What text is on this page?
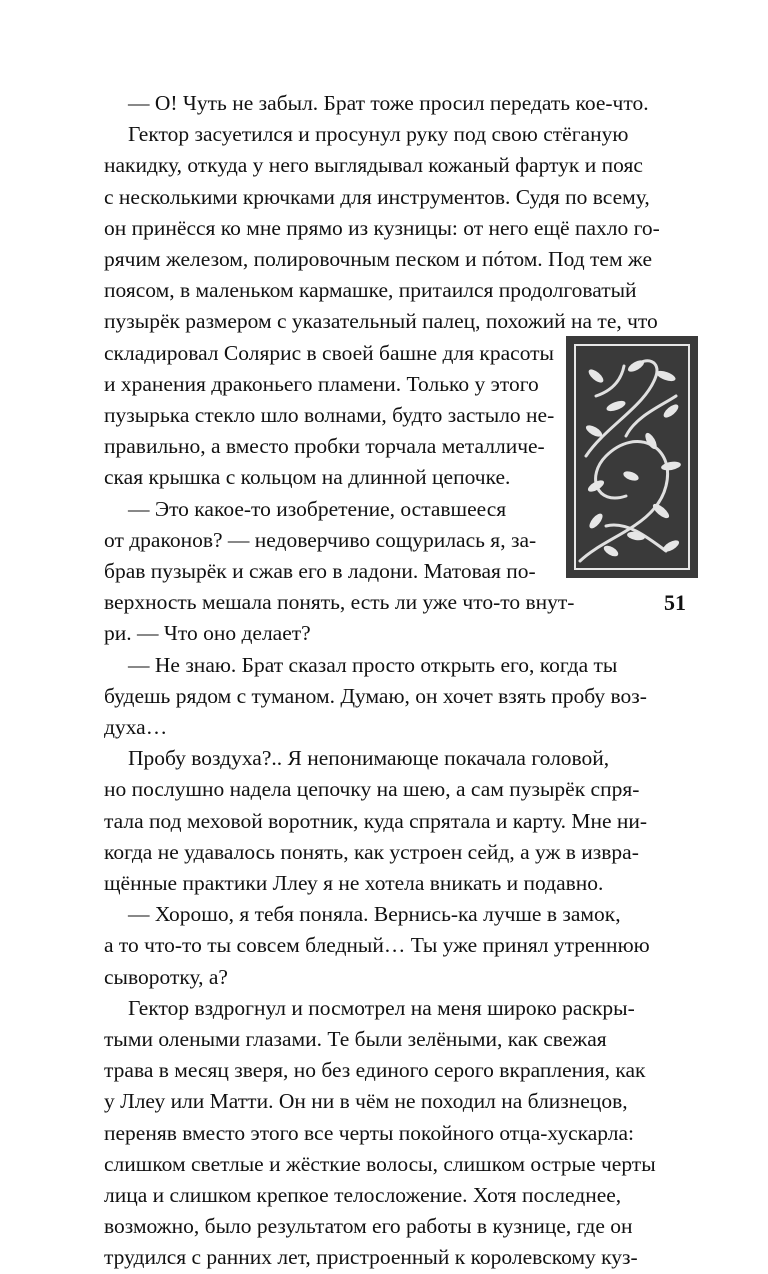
— О! Чуть не забыл. Брат тоже просил передать кое-что.
Гектор засуетился и просунул руку под свою стёганую
накидку, откуда у него выглядывал кожаный фартук и пояс
с несколькими крючками для инструментов. Судя по всему,
он принёсся ко мне прямо из кузницы: от него ещё пахло го-
рячим железом, полировочным песком и пóтом. Под тем же
поясом, в маленьком кармашке, притаился продолговатый
пузырёк размером с указательный палец, похожий на те, что
складировал Солярис в своей башне для красоты
и хранения драконьего пламени. Только у этого
пузырька стекло шло волнами, будто застыло не-
правильно, а вместо пробки торчала металличе-
ская крышка с кольцом на длинной цепочке.
— Это какое-то изобретение, оставшееся
от драконов? — недоверчиво сощурилась я, за-
брав пузырёк и сжав его в ладони. Матовая по-
верхность мешала понять, есть ли уже что-то внут-
ри. — Что оно делает?
— Не знаю. Брат сказал просто открыть его, когда ты
будешь рядом с туманом. Думаю, он хочет взять пробу воз-
духа…
Пробу воздуха?.. Я непонимающе покачала головой,
но послушно надела цепочку на шею, а сам пузырёк спря-
тала под меховой воротник, куда спрятала и карту. Мне ни-
когда не удавалось понять, как устроен сейд, а уж в извра-
щённые практики Ллеу я не хотела вникать и подавно.
— Хорошо, я тебя поняла. Вернись-ка лучше в замок,
а то что-то ты совсем бледный… Ты уже принял утреннюю
сыворотку, а?
Гектор вздрогнул и посмотрел на меня широко раскры-
тыми олеными глазами. Те были зелёными, как свежая
трава в месяц зверя, но без единого серого вкрапления, как
у Ллеу или Матти. Он ни в чём не походил на близнецов,
переняв вместо этого все черты покойного отца-хускарла:
слишком светлые и жёсткие волосы, слишком острые черты
лица и слишком крепкое телосложение. Хотя последнее,
возможно, было результатом его работы в кузнице, где он
трудился с ранних лет, пристроенный к королевскому куз-
51
